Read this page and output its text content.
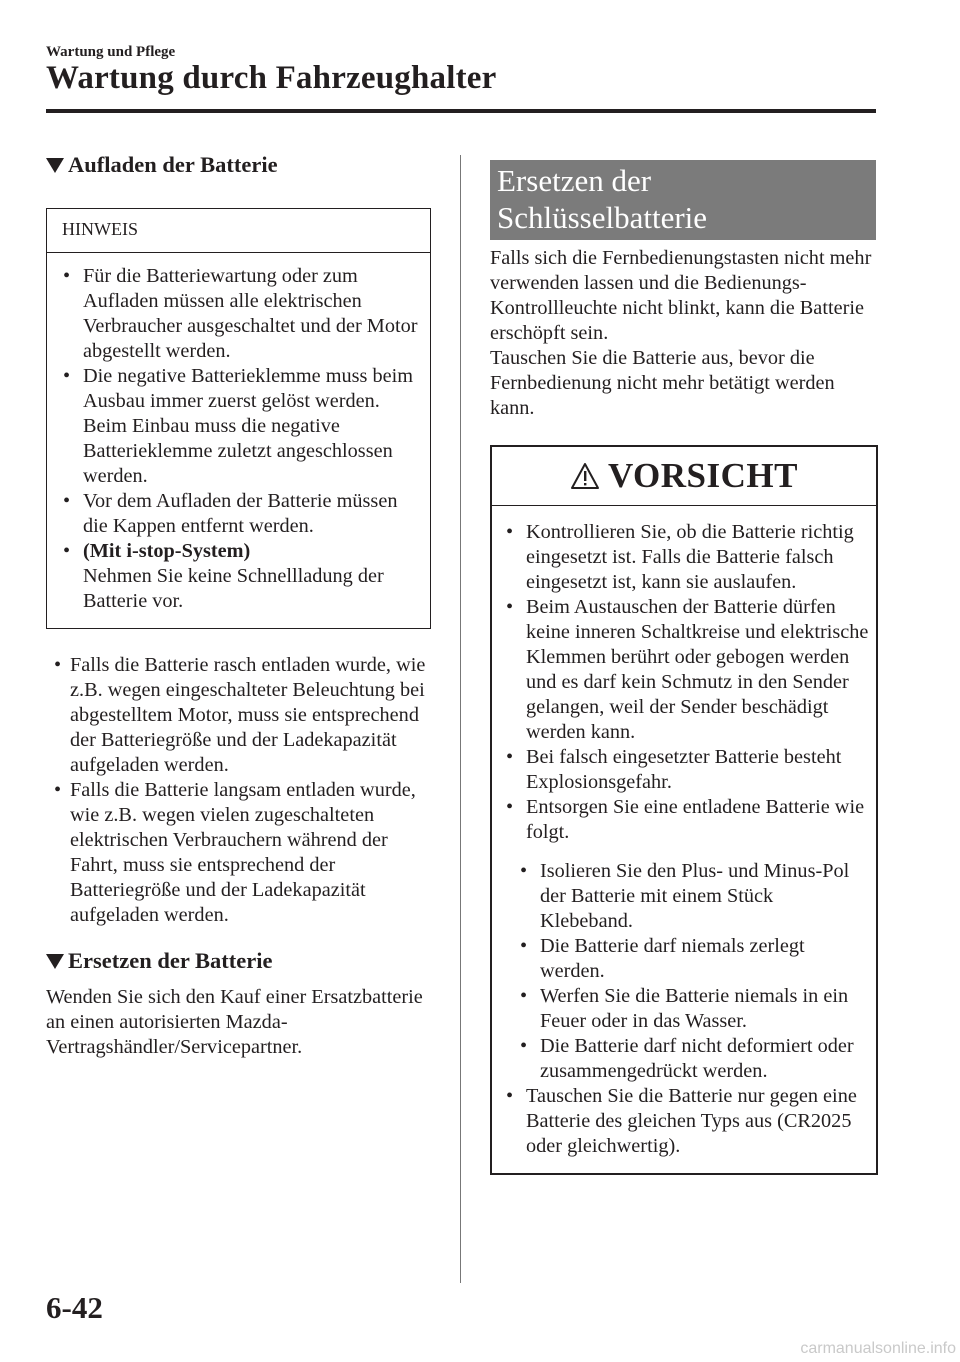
Wartung und Pflege
Wartung durch Fahrzeughalter
Aufladen der Batterie
HINWEIS
• Für die Batteriewartung oder zum Aufladen müssen alle elektrischen Verbraucher ausgeschaltet und der Motor abgestellt werden.
• Die negative Batterieklemme muss beim Ausbau immer zuerst gelöst werden. Beim Einbau muss die negative Batterieklemme zuletzt angeschlossen werden.
• Vor dem Aufladen der Batterie müssen die Kappen entfernt werden.
• (Mit i-stop-System)
Nehmen Sie keine Schnellladung der Batterie vor.
• Falls die Batterie rasch entladen wurde, wie z.B. wegen eingeschalteter Beleuchtung bei abgestelltem Motor, muss sie entsprechend der Batteriegröße und der Ladekapazität aufgeladen werden.
• Falls die Batterie langsam entladen wurde, wie z.B. wegen vielen zugeschalteten elektrischen Verbrauchern während der Fahrt, muss sie entsprechend der Batteriegröße und der Ladekapazität aufgeladen werden.
Ersetzen der Batterie
Wenden Sie sich den Kauf einer Ersatzbatterie an einen autorisierten Mazda-Vertragshändler/Servicepartner.
Ersetzen der
Schlüsselbatterie
Falls sich die Fernbedienungstasten nicht mehr verwenden lassen und die Bedienungs-Kontrollleuchte nicht blinkt, kann die Batterie erschöpft sein.
Tauschen Sie die Batterie aus, bevor die Fernbedienung nicht mehr betätigt werden kann.
VORSICHT
• Kontrollieren Sie, ob die Batterie richtig eingesetzt ist. Falls die Batterie falsch eingesetzt ist, kann sie auslaufen.
• Beim Austauschen der Batterie dürfen keine inneren Schaltkreise und elektrische Klemmen berührt oder gebogen werden und es darf kein Schmutz in den Sender gelangen, weil der Sender beschädigt werden kann.
• Bei falsch eingesetzter Batterie besteht Explosionsgefahr.
• Entsorgen Sie eine entladene Batterie wie folgt.
• Isolieren Sie den Plus- und Minus-Pol der Batterie mit einem Stück Klebeband.
• Die Batterie darf niemals zerlegt werden.
• Werfen Sie die Batterie niemals in ein Feuer oder in das Wasser.
• Die Batterie darf nicht deformiert oder zusammengedrückt werden.
• Tauschen Sie die Batterie nur gegen eine Batterie des gleichen Typs aus (CR2025 oder gleichwertig).
6-42
carmanualsonline.info
